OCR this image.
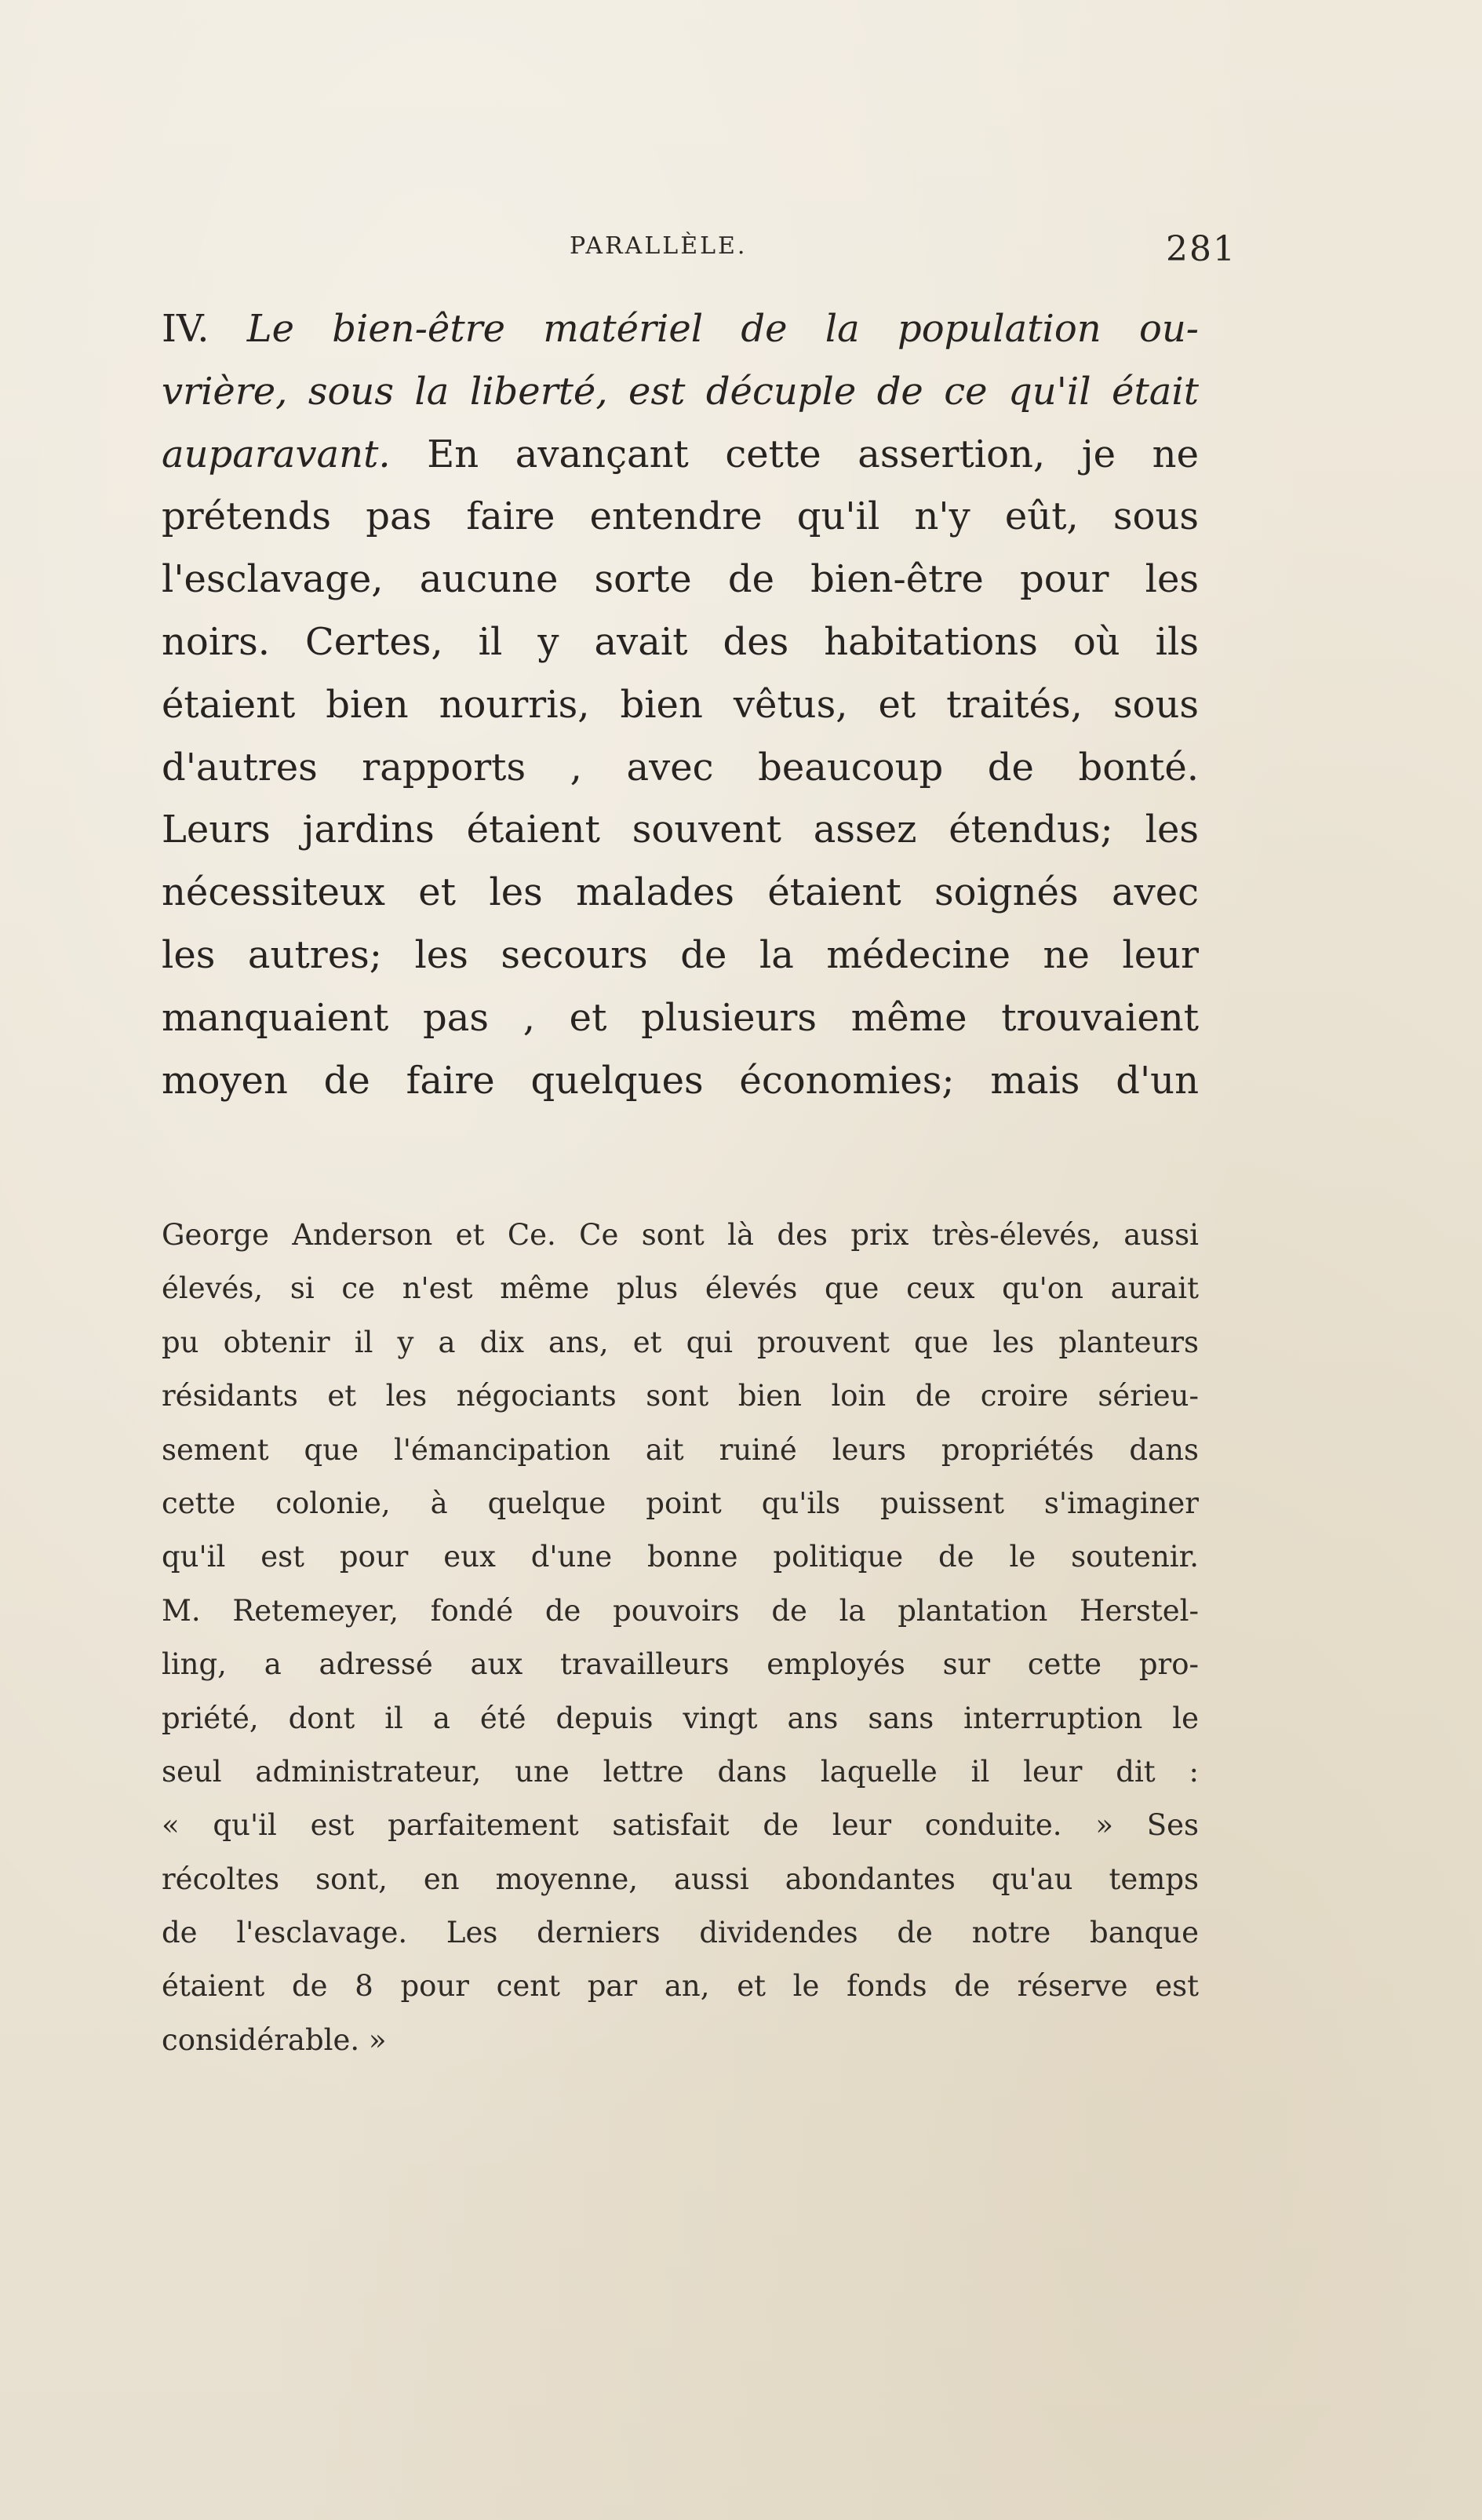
PARALLÈLE.	281
IV. Le bien-être matériel de la population ou-
vrière, sous la liberté, est décuple de ce qu'il était
auparavant. En avançant cette assertion, je ne
prétends pas faire entendre qu'il n'y eût, sous
l'esclavage, aucune sorte de bien-être pour les
noirs. Certes, il y avait des habitations où ils
étaient bien nourris, bien vêtus, et traités, sous
d'autres rapports , avec beaucoup de bonté.
Leurs jardins étaient souvent assez étendus; les
nécessiteux et les malades étaient soignés avec
les autres; les secours de la médecine ne leur
manquaient pas , et plusieurs même trouvaient
moyen de faire quelques économies; mais d'un
George Anderson et Ce. Ce sont là des prix très-élevés, aussi
élevés, si ce n'est même plus élevés que ceux qu'on aurait
pu obtenir il y a dix ans, et qui prouvent que les planteurs
résidants et les négociants sont bien loin de croire sérieu-
sement que l'émancipation ait ruiné leurs propriétés dans
cette colonie, à quelque point qu'ils puissent s'imaginer
qu'il est pour eux d'une bonne politique de le soutenir.
M. Retemeyer, fondé de pouvoirs de la plantation Herstel-
ling, a adressé aux travailleurs employés sur cette pro-
priété, dont il a été depuis vingt ans sans interruption le
seul administrateur, une lettre dans laquelle il leur dit :
« qu'il est parfaitement satisfait de leur conduite. » Ses
récoltes sont, en moyenne, aussi abondantes qu'au temps
de l'esclavage. Les derniers dividendes de notre banque
étaient de 8 pour cent par an, et le fonds de réserve est
considérable. »
